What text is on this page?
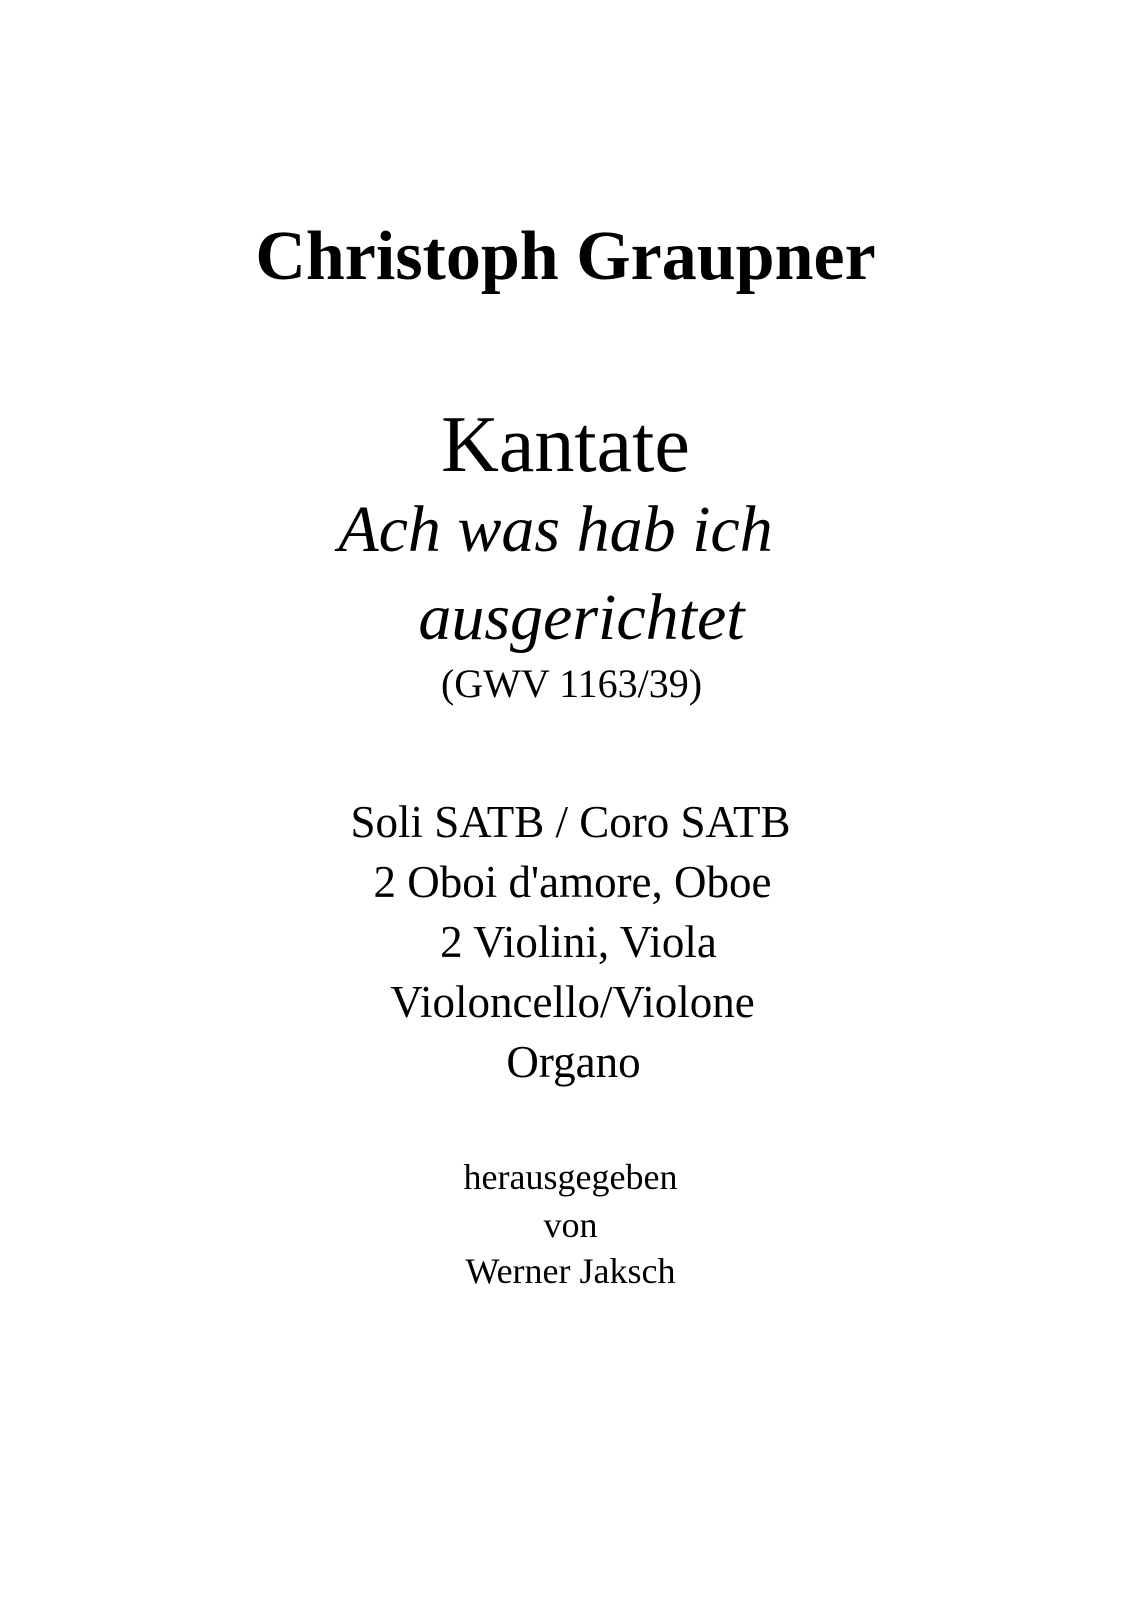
Christoph Graupner
Kantate
Ach was hab ich
ausgerichtet
(GWV 1163/39)
Soli SATB / Coro SATB
2 Oboi d'amore, Oboe
2 Violini, Viola
Violoncello/Violone
Organo
herausgegeben
von
Werner Jaksch
